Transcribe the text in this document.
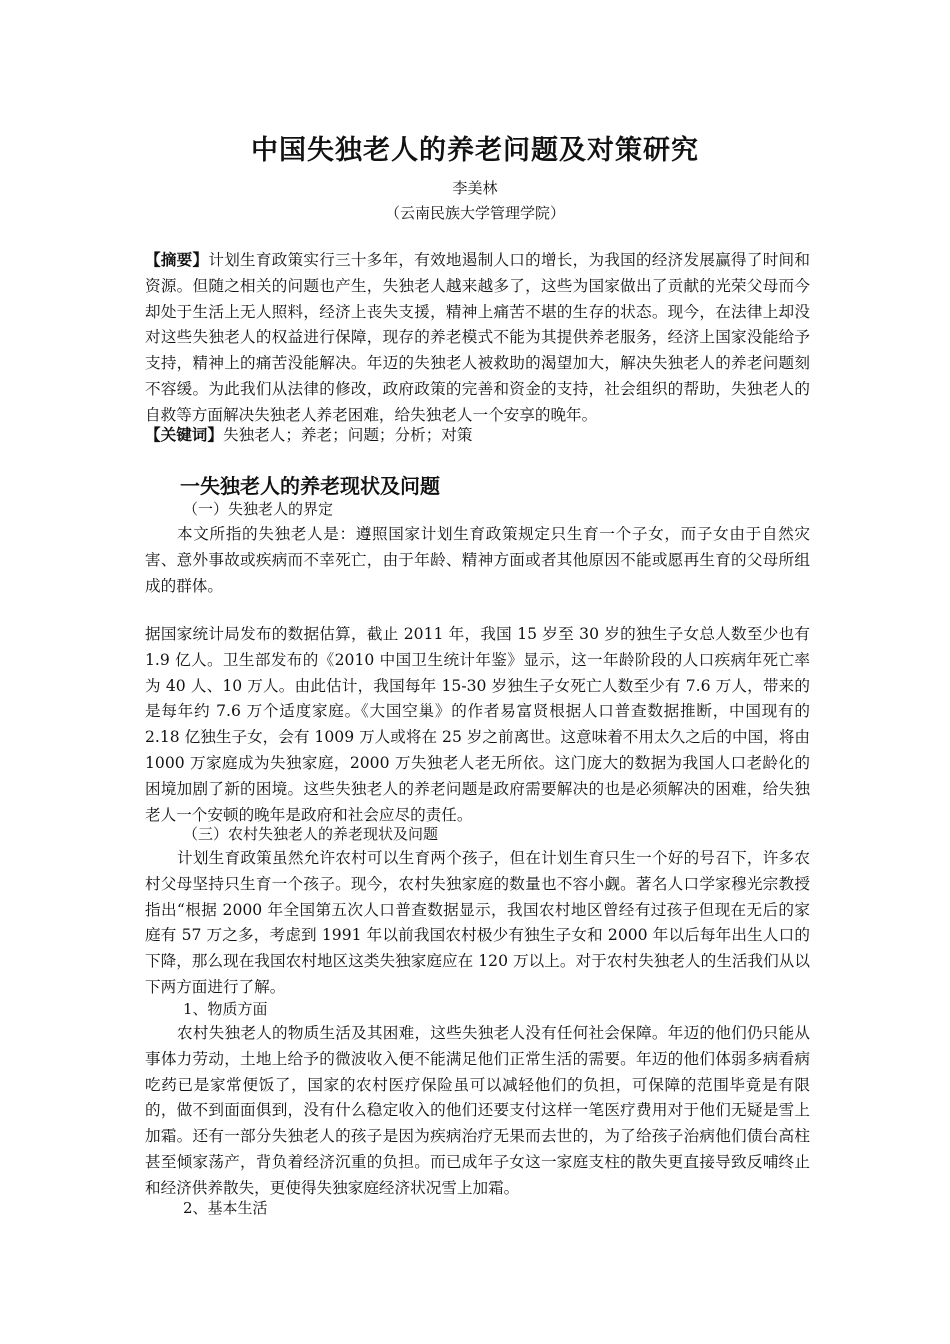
中国失独老人的养老问题及对策研究
李美林
（云南民族大学管理学院）
【摘要】计划生育政策实行三十多年，有效地遏制人口的增长，为我国的经济发展赢得了时间和资源。但随之相关的问题也产生，失独老人越来越多了，这些为国家做出了贡献的光荣父母而今却处于生活上无人照料，经济上丧失支援，精神上痛苦不堪的生存的状态。现今，在法律上却没对这些失独老人的权益进行保障，现存的养老模式不能为其提供养老服务，经济上国家没能给予支持，精神上的痛苦没能解决。年迈的失独老人被救助的渴望加大，解决失独老人的养老问题刻不容缓。为此我们从法律的修改，政府政策的完善和资金的支持，社会组织的帮助，失独老人的自救等方面解决失独老人养老困难，给失独老人一个安享的晚年。
【关键词】失独老人；养老；问题；分析；对策
一失独老人的养老现状及问题
（一）失独老人的界定
本文所指的失独老人是：遵照国家计划生育政策规定只生育一个子女，而子女由于自然灾害、意外事故或疾病而不幸死亡，由于年龄、精神方面或者其他原因不能或愿再生育的父母所组成的群体。
据国家统计局发布的数据估算，截止 2011 年，我国 15 岁至 30 岁的独生子女总人数至少也有 1.9 亿人。卫生部发布的《2010 中国卫生统计年鉴》显示，这一年龄阶段的人口疾病年死亡率为 40 人、10 万人。由此估计，我国每年 15-30 岁独生子女死亡人数至少有 7.6 万人，带来的是每年约 7.6 万个适度家庭。《大国空巢》的作者易富贤根据人口普查数据推断，中国现有的 2.18 亿独生子女，会有 1009 万人或将在 25 岁之前离世。这意味着不用太久之后的中国，将由 1000 万家庭成为失独家庭，2000 万失独老人老无所依。这门庞大的数据为我国人口老龄化的困境加剧了新的困境。这些失独老人的养老问题是政府需要解决的也是必须解决的困难，给失独老人一个安顿的晚年是政府和社会应尽的责任。
（三）农村失独老人的养老现状及问题
计划生育政策虽然允许农村可以生育两个孩子，但在计划生育只生一个好的号召下，许多农村父母坚持只生育一个孩子。现今，农村失独家庭的数量也不容小觑。著名人口学家穆光宗教授指出“根据 2000 年全国第五次人口普查数据显示，我国农村地区曾经有过孩子但现在无后的家庭有 57 万之多，考虑到 1991 年以前我国农村极少有独生子女和 2000 年以后每年出生人口的下降，那么现在我国农村地区这类失独家庭应在 120 万以上。对于农村失独老人的生活我们从以下两方面进行了解。
1、物质方面
农村失独老人的物质生活及其困难，这些失独老人没有任何社会保障。年迈的他们仍只能从事体力劳动，土地上给予的微波收入便不能满足他们正常生活的需要。年迈的他们体弱多病看病吃药已是家常便饭了，国家的农村医疗保险虽可以减轻他们的负担，可保障的范围毕竟是有限的，做不到面面俱到，没有什么稳定收入的他们还要支付这样一笔医疗费用对于他们无疑是雪上加霜。还有一部分失独老人的孩子是因为疾病治疗无果而去世的，为了给孩子治病他们债台高柱甚至倾家荡产，背负着经济沉重的负担。而已成年子女这一家庭支柱的散失更直接导致反哺终止和经济供养散失，更使得失独家庭经济状况雪上加霜。
2、基本生活
